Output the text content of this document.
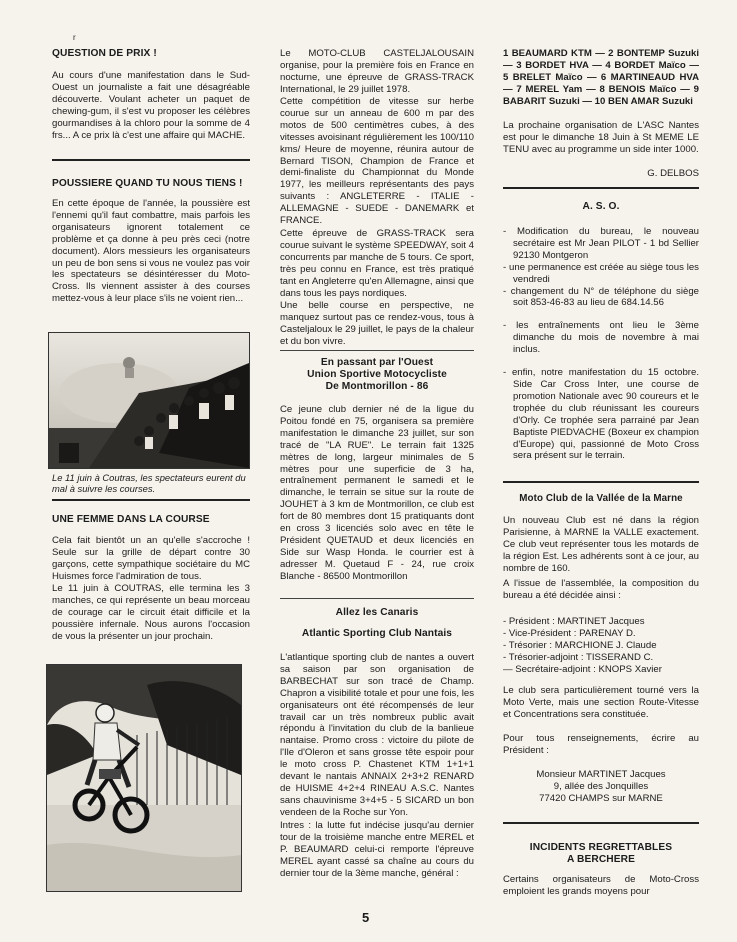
r

QUESTION DE PRIX !

Au cours d'une manifestation dans le Sud-Ouest un journaliste a fait une désagréable découverte. Voulant acheter un paquet de chewing-gum, il s'est vu proposer les célèbres gourmandises à la chloro pour la somme de 4 frs... A ce prix là c'est une affaire qui MACHE.

POUSSIERE QUAND TU NOUS TIENS !

En cette époque de l'année, la poussière est l'ennemi qu'il faut combattre, mais parfois les organisateurs ignorent totalement ce problème et ça donne à peu près ceci (notre document). Alors messieurs les organisateurs un peu de bon sens si vous ne voulez pas voir les spectateurs se désintéresser du Moto-Cross. Ils viennent assister à des courses mettez-vous à leur place s'ils ne voient rien...

Le 11 juin à Coutras, les spectateurs eurent du mal à suivre les courses.

UNE FEMME DANS LA COURSE

Cela fait bientôt un an qu'elle s'accroche ! Seule sur la grille de départ contre 30 garçons, cette sympathique sociétaire du MC Huismes force l'admiration de tous.

Le 11 juin à COUTRAS, elle termina les 3 manches, ce qui représente un beau morceau de courage car le circuit était difficile et la poussière infernale. Nous aurons l'occasion de vous la présenter un jour prochain.

Le MOTO-CLUB CASTELJALOUSAIN organise, pour la première fois en France en nocturne, une épreuve de GRASS-TRACK International, le 29 juillet 1978.

Cette compétition de vitesse sur herbe courue sur un anneau de 600 m par des motos de 500 centimètres cubes, à des vitesses avoisinant régulièrement les 100/110 kms/ Heure de moyenne, réunira autour de Bernard TISON, Champion de France et demi-finaliste du Championnat du Monde 1977, les meilleurs représentants des pays suivants : ANGLETERRE - ITALIE - ALLEMAGNE - SUEDE - DANEMARK et FRANCE.

Cette épreuve de GRASS-TRACK sera courue suivant le système SPEEDWAY, soit 4 concurrents par manche de 5 tours. Ce sport, très peu connu en France, est très pratiqué tant en Angleterre qu'en Allemagne, ainsi que dans tous les pays nordiques.

Une belle course en perspective, ne manquez surtout pas ce rendez-vous, tous à Casteljaloux le 29 juillet, le pays de la chaleur et du bon vivre.

En passant par l'Ouest

Union Sportive Motocycliste

De Montmorillon - 86

Ce jeune club dernier né de la ligue du Poitou fondé en 75, organisera sa première manifestation le dimanche 23 juillet, sur son tracé de "LA RUE". Le terrain fait 1325 mètres de long, largeur minimales de 5 mètres pour une superficie de 3 ha, entraînement permanent le samedi et le dimanche, le terrain se situe sur la route de JOUHET à 3 km de Montmorillon, ce club est fort de 80 membres dont 15 pratiquants dont en cross 3 licenciés solo avec en tête le Président QUETAUD et deux licenciés en Side sur Wasp Honda. le courrier est à adresser M. Quetaud F - 24, rue croix Blanche - 86500 Montmorillon

Allez les Canaris

Atlantic Sporting Club Nantais

L'atlantique sporting club de nantes a ouvert sa saison par son organisation de BARBECHAT sur son tracé de Champ. Chapron a visibilité totale et pour une fois, les organisateurs ont été récompensés de leur travail car un très nombreux public avait répondu à l'invitation du club de la banlieue nantaise. Promo cross : victoire du pilote de l'Ile d'Oleron et sans grosse tête espoir pour le moto cross P. Chastenet KTM 1+1+1 devant le nantais ANNAIX 2+3+2 RENARD de HUISME 4+2+4 RINEAU A.S.C. Nantes sans chauvinisme 3+4+5 - 5 SICARD un bon vendeen de la Roche sur Yon.

Intres : la lutte fut indécise jusqu'au dernier tour de la troisième manche entre MEREL et P. BEAUMARD celui-ci remporte l'épreuve MEREL ayant cassé sa chaîne au cours du dernier tour de la 3ème manche, général :

1 BEAUMARD KTM — 2 BONTEMP Suzuki — 3 BORDET HVA — 4 BORDET Maïco — 5 BRELET Maïco — 6 MARTINEAUD HVA — 7 MEREL Yam — 8 BENOIS Maïco — 9 BABARIT Suzuki — 10 BEN AMAR Suzuki

La prochaine organisation de L'ASC Nantes est pour le dimanche 18 Juin à St MEME LE TENU avec au programme un side inter 1000.

G. DELBOS

A. S. O.

- Modification du bureau, le nouveau secrétaire est Mr Jean PILOT - 1 bd Sellier 92130 Montgeron
- une permanence est créée au siège tous les vendredi
- changement du N° de téléphone du siège soit 853-46-83 au lieu de 684.14.56
- les entraînements ont lieu le 3ème dimanche du mois de novembre à mai inclus.
- enfin, notre manifestation du 15 octobre. Side Car Cross Inter, une course de promotion Nationale avec 90 coureurs et le trophée du club réunissant les coureurs d'Orly. Ce trophée sera parrainé par Jean Baptiste PIEDVACHE (Boxeur ex champion d'Europe) qui, passionné de Moto Cross sera présent sur le terrain.

Moto Club de la Vallée de la Marne

Un nouveau Club est né dans la région Parisienne, à MARNE la VALLE exactement. Ce club veut représenter tous les motards de la région Est. Les adhérents sont à ce jour, au nombre de 160.

A l'issue de l'assemblée, la composition du bureau a été décidée ainsi :

- Président : MARTINET Jacques

- Vice-Président : PARENAY D.

- Trésorier : MARCHIONE J. Claude

- Trésorier-adjoint : TISSERAND C.

— Secrétaire-adjoint : KNOPS Xavier

Le club sera particulièrement tourné vers la Moto Verte, mais une section Route-Vitesse et Concentrations sera constituée.

Pour tous renseignements, écrire au Président :

Monsieur MARTINET Jacques

9, allée des Jonquilles

77420 CHAMPS sur MARNE

INCIDENTS REGRETTABLES

A BERCHERE

Certains organisateurs de Moto-Cross emploient les grands moyens pour

5
